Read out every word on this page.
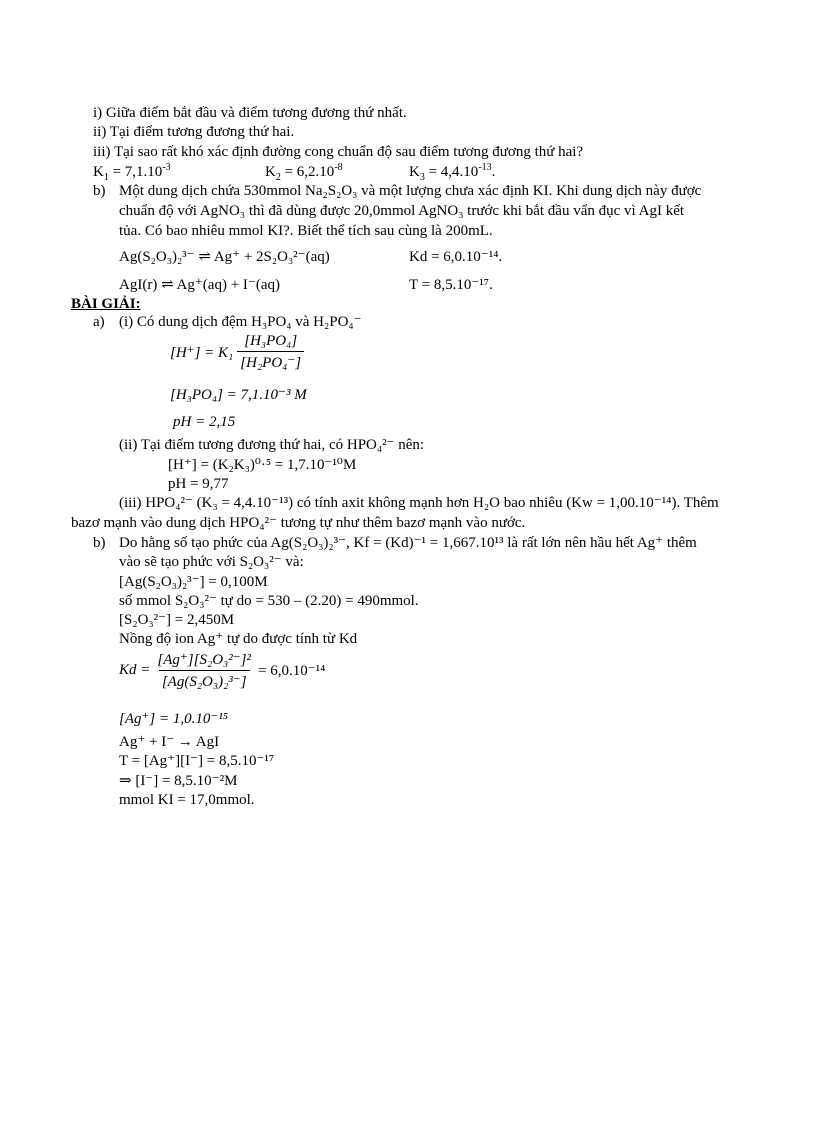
i) Giữa điểm bắt đầu và điểm tương đương thứ nhất.
ii) Tại điểm tương đương thứ hai.
iii) Tại sao rất khó xác định đường cong chuẩn độ sau điểm tương đương thứ hai?
$K_1 = 7,1.10^{-3}$	$K_2 = 6,2.10^{-8}$	$K_3 = 4,4.10^{-13}$.
b) Một dung dịch chứa 530mmol Na₂S₂O₃ và một lượng chưa xác định KI. Khi dung dịch này được
chuẩn độ với AgNO₃ thì đã dùng được 20,0mmol AgNO₃ trước khi bắt đầu vẩn đục vì AgI kết
tủa. Có bao nhiêu mmol KI?. Biết thể tích sau cùng là 200mL.
Ag(S₂O₃)₂³⁻ ⇌ Ag⁺ + 2S₂O₃²⁻(aq)	Kd = 6,0.10⁻¹⁴.
AgI(r) ⇌ Ag⁺(aq) + I⁻(aq)	T = 8,5.10⁻¹⁷.
BÀI GIẢI:
a) (i) Có dung dịch đệm H₃PO₄ và H₂PO₄⁻
$[H^+] = K_1 \frac{\text{[H₃PO₄]}}{\text{[H₂PO₄⁻]}}$
[H₃PO₄] = 7,1.10⁻³ M
pH = 2,15
(ii) Tại điểm tương đương thứ hai, có HPO₄²⁻ nên:
[H⁺] = (K₂K₃)⁰·⁵ = 1,7.10⁻¹⁰M
pH = 9,77
(iii) HPO₄²⁻ (K₃ = 4,4.10⁻¹³) có tính axit không mạnh hơn H₂O bao nhiêu (Kw = 1,00.10⁻¹⁴). Thêm
bazơ mạnh vào dung dịch HPO₄²⁻ tương tự như thêm bazơ mạnh vào nước.
b) Do hằng số tạo phức của Ag(S₂O₃)₂³⁻, Kf = (Kd)⁻¹ = 1,667.10¹³ là rất lớn nên hầu hết Ag⁺ thêm
vào sẽ tạo phức với S₂O₃²⁻ và:
[Ag(S₂O₃)₂³⁻] = 0,100M
số mmol S₂O₃²⁻ tự do = 530 – (2.20) = 490mmol.
[S₂O₃²⁻] = 2,450M
Nồng độ ion Ag⁺ tự do được tính từ Kd
$Kd = \frac{\text{[Ag⁺][S₂O₃²⁻]²}}{\text{[Ag(S₂O₃)₂³⁻]}} = 6,0.10^{-14}$
[Ag⁺] = 1,0.10⁻¹⁵
Ag⁺ + I⁻ → AgI
T = [Ag⁺][I⁻] = 8,5.10⁻¹⁷
⇒ [I⁻] = 8,5.10⁻²M
mmol KI = 17,0mmol.
